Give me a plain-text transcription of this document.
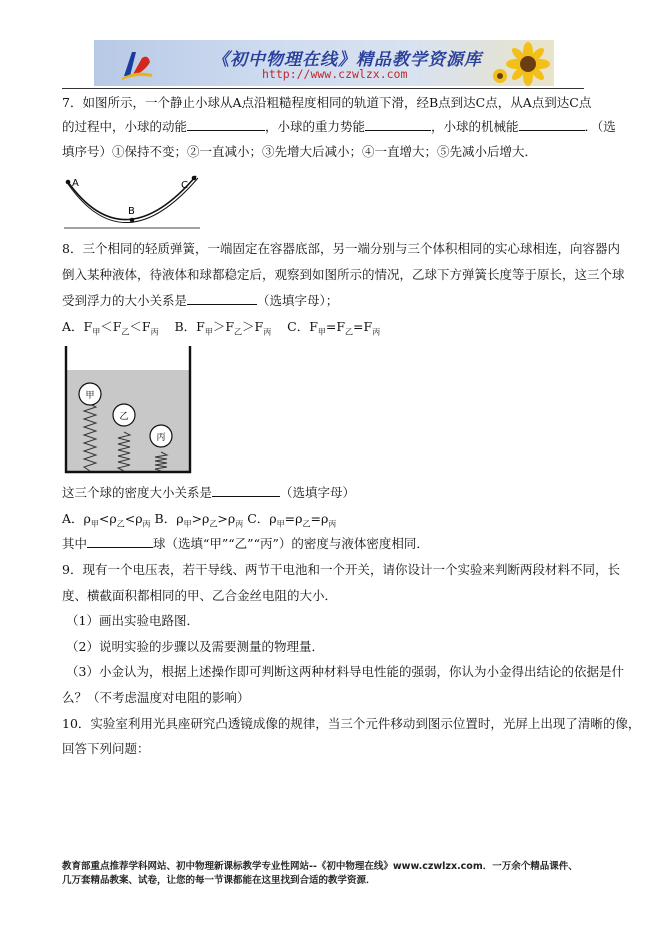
《初中物理在线》精品教学资源库
http://www.czwlzx.com
7．如图所示，一个静止小球从A点沿粗糙程度相同的轨道下滑，经B点到达C点，从A点到达C点
的过程中，小球的动能	，小球的重力势能	，小球的机械能	．（选
填序号）①保持不变；②一直减小；③先增大后减小；④一直增大；⑤先减小后增大．
A
B
C
8．三个相同的轻质弹簧，一端固定在容器底部，另一端分别与三个体积相同的实心球相连，向容器内
倒入某种液体，待液体和球都稳定后，观察到如图所示的情况，乙球下方弹簧长度等于原长，这三个球
受到浮力的大小关系是	（选填字母）；
A．$F_甲<F_乙<F_丙$ B．$F_甲>F_乙>F_丙$ C．$F_甲=F_乙=F_丙$
甲
乙
丙
这三个球的密度大小关系是	（选填字母）
A．$\rho_甲<\rho_乙<\rho_丙$ B．$\rho_甲>\rho_乙>\rho_丙$ C．$\rho_甲=\rho_乙=\rho_丙$
其中	球（选填“甲”“乙”“丙”）的密度与液体密度相同．
9．现有一个电压表，若干导线、两节干电池和一个开关，请你设计一个实验来判断两段材料不同，长
度、横截面积都相同的甲、乙合金丝电阻的大小．
（1）画出实验电路图．
（2）说明实验的步骤以及需要测量的物理量．
（3）小金认为，根据上述操作即可判断这两种材料导电性能的强弱，你认为小金得出结论的依据是什
么？（不考虑温度对电阻的影响）
10．实验室利用光具座研究凸透镜成像的规律，当三个元件移动到图示位置时，光屏上出现了清晰的像，
回答下列问题：
教育部重点推荐学科网站、初中物理新课标教学专业性网站--《初中物理在线》www.czwlzx.com．一万余个精品课件、
几万套精品教案、试卷，让您的每一节课都能在这里找到合适的教学资源．
